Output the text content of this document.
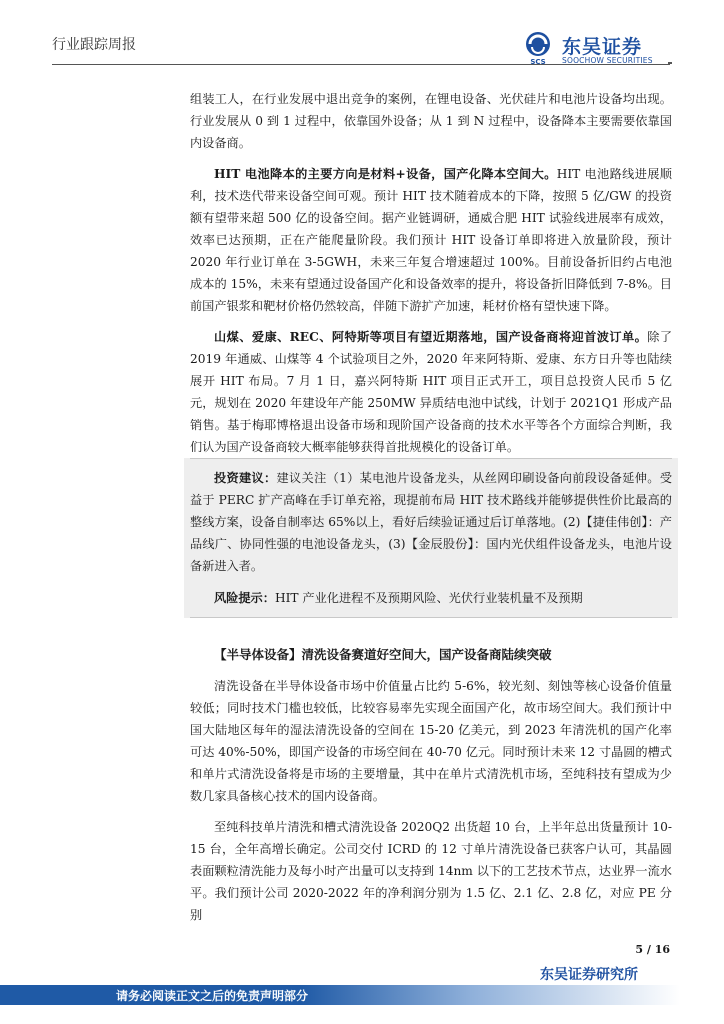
行业跟踪周报
SCS
东吴证券
SOOCHOW SECURITIES

组装工人，在行业发展中退出竞争的案例，在锂电设备、光伏硅片和电池片设备均出现。行业发展从 0 到 1 过程中，依靠国外设备；从 1 到 N 过程中，设备降本主要需要依靠国内设备商。

HIT 电池降本的主要方向是材料+设备，国产化降本空间大。HIT 电池路线进展顺利，技术迭代带来设备空间可观。预计 HIT 技术随着成本的下降，按照 5 亿/GW 的投资额有望带来超 500 亿的设备空间。据产业链调研，通威合肥 HIT 试验线进展率有成效，效率已达预期，正在产能爬量阶段。我们预计 HIT 设备订单即将进入放量阶段，预计 2020 年行业订单在 3-5GWH，未来三年复合增速超过 100%。目前设备折旧约占电池成本的 15%，未来有望通过设备国产化和设备效率的提升，将设备折旧降低到 7-8%。目前国产银浆和靶材价格仍然较高，伴随下游扩产加速，耗材价格有望快速下降。

山煤、爱康、REC、阿特斯等项目有望近期落地，国产设备商将迎首波订单。除了 2019 年通威、山煤等 4 个试验项目之外，2020 年来阿特斯、爱康、东方日升等也陆续展开 HIT 布局。7 月 1 日，嘉兴阿特斯 HIT 项目正式开工，项目总投资人民币 5 亿元，规划在 2020 年建设年产能 250MW 异质结电池中试线，计划于 2021Q1 形成产品销售。基于梅耶博格退出设备市场和现阶国产设备商的技术水平等各个方面综合判断，我们认为国产设备商较大概率能够获得首批规模化的设备订单。

投资建议：建议关注（1）某电池片设备龙头，从丝网印刷设备向前段设备延伸。受益于 PERC 扩产高峰在手订单充裕，现提前布局 HIT 技术路线并能够提供性价比最高的整线方案，设备自制率达 65%以上，看好后续验证通过后订单落地。(2)【捷佳伟创】：产品线广、协同性强的电池设备龙头，(3)【金辰股份】：国内光伏组件设备龙头，电池片设备新进入者。

风险提示：HIT 产业化进程不及预期风险、光伏行业装机量不及预期

【半导体设备】清洗设备赛道好空间大，国产设备商陆续突破

清洗设备在半导体设备市场中价值量占比约 5-6%，较光刻、刻蚀等核心设备价值量较低；同时技术门槛也较低，比较容易率先实现全面国产化，故市场空间大。我们预计中国大陆地区每年的湿法清洗设备的空间在 15-20 亿美元，到 2023 年清洗机的国产化率可达 40%-50%，即国产设备的市场空间在 40-70 亿元。同时预计未来 12 寸晶圆的槽式和单片式清洗设备将是市场的主要增量，其中在单片式清洗机市场，至纯科技有望成为少数几家具备核心技术的国内设备商。

至纯科技单片清洗和槽式清洗设备 2020Q2 出货超 10 台，上半年总出货量预计 10-15 台，全年高增长确定。公司交付 ICRD 的 12 寸单片清洗设备已获客户认可，其晶圆表面颗粒清洗能力及每小时产出量可以支持到 14nm 以下的工艺技术节点，达业界一流水平。我们预计公司 2020-2022 年的净利润分别为 1.5 亿、2.1 亿、2.8 亿，对应 PE 分别

5 / 16
东吴证券研究所
请务必阅读正文之后的免责声明部分
